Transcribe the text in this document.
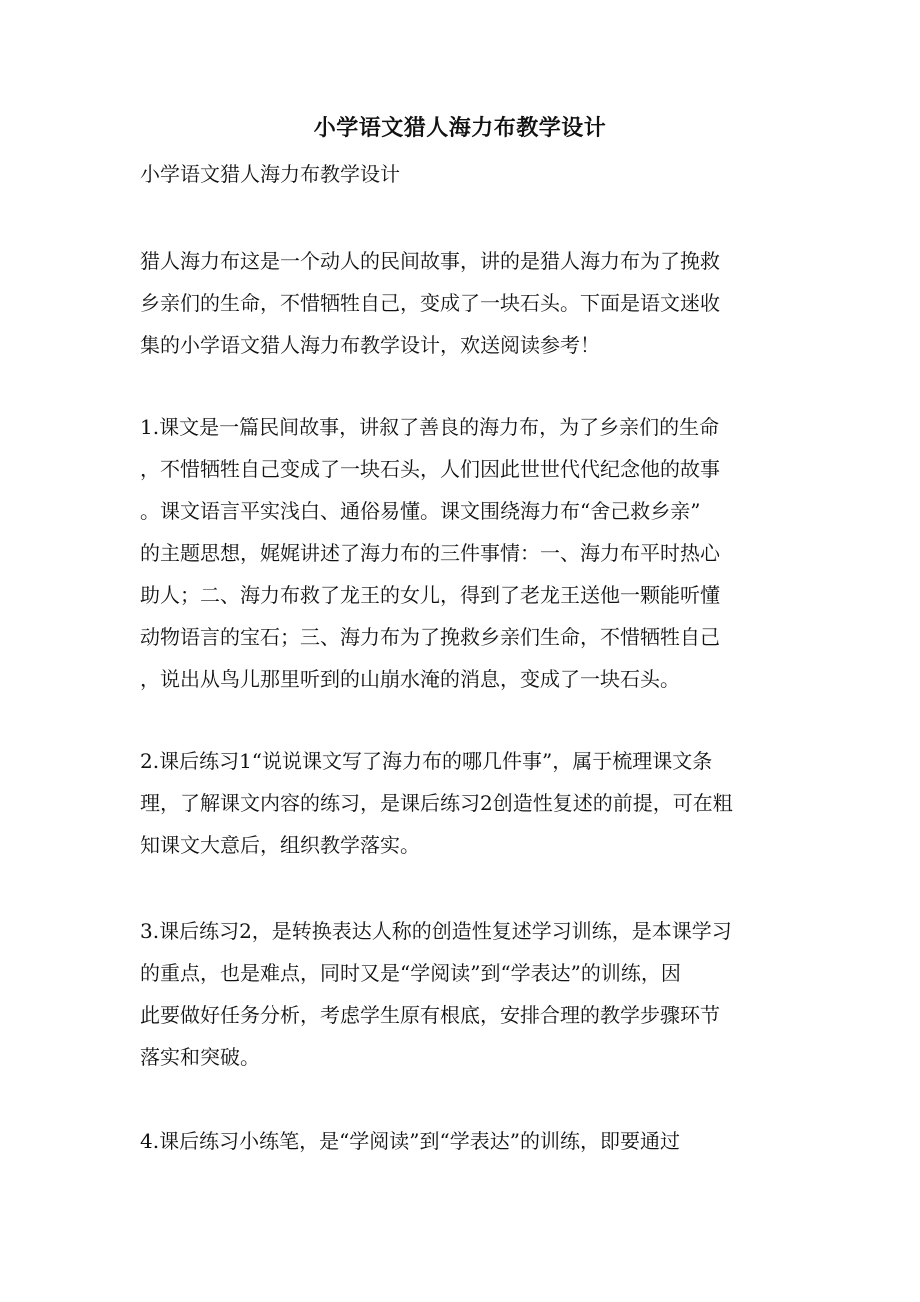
小学语文猎人海力布教学设计
小学语文猎人海力布教学设计
猎人海力布这是一个动人的民间故事，讲的是猎人海力布为了挽救
乡亲们的生命，不惜牺牲自己，变成了一块石头。下面是语文迷收
集的小学语文猎人海力布教学设计，欢送阅读参考！
1.课文是一篇民间故事，讲叙了善良的海力布，为了乡亲们的生命
，不惜牺牲自己变成了一块石头，人们因此世世代代纪念他的故事
。课文语言平实浅白、通俗易懂。课文围绕海力布“舍己救乡亲”
的主题思想，娓娓讲述了海力布的三件事情：一、海力布平时热心
助人；二、海力布救了龙王的女儿，得到了老龙王送他一颗能听懂
动物语言的宝石；三、海力布为了挽救乡亲们生命，不惜牺牲自己
，说出从鸟儿那里听到的山崩水淹的消息，变成了一块石头。
2.课后练习1“说说课文写了海力布的哪几件事”，属于梳理课文条
理，了解课文内容的练习，是课后练习2创造性复述的前提，可在粗
知课文大意后，组织教学落实。
3.课后练习2，是转换表达人称的创造性复述学习训练，是本课学习
的重点，也是难点，同时又是“学阅读”到“学表达”的训练，因
此要做好任务分析，考虑学生原有根底，安排合理的教学步骤环节
落实和突破。
4.课后练习小练笔，是“学阅读”到“学表达”的训练，即要通过
